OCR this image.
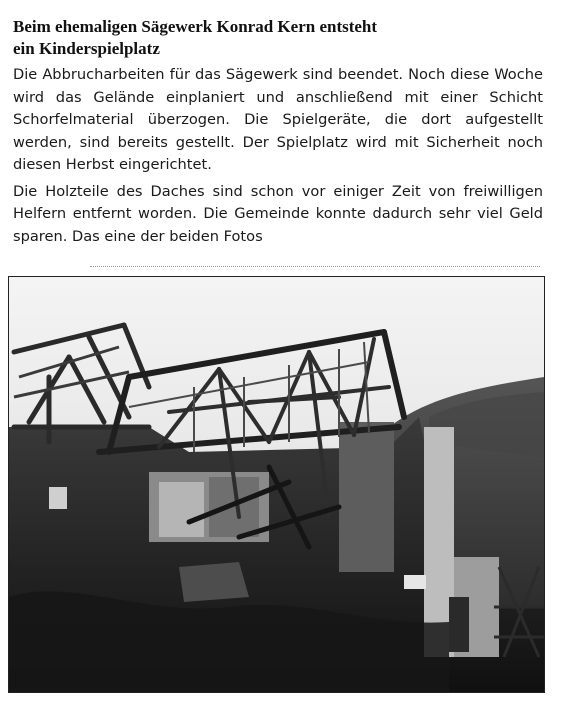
Beim ehemaligen Sägewerk Konrad Kern entsteht
ein Kinderspielplatz

Die Abbrucharbeiten für das Sägewerk sind beendet. Noch diese Woche wird das Gelände einplaniert und anschließend mit einer Schicht Schorfelmaterial überzogen. Die Spielgeräte, die dort aufgestellt werden, sind bereits gestellt. Der Spielplatz wird mit Sicherheit noch diesen Herbst eingerichtet.

Die Holzteile des Daches sind schon vor einiger Zeit von freiwilligen Helfern entfernt worden. Die Gemeinde konnte dadurch sehr viel Geld sparen. Das eine der beiden Fotos
